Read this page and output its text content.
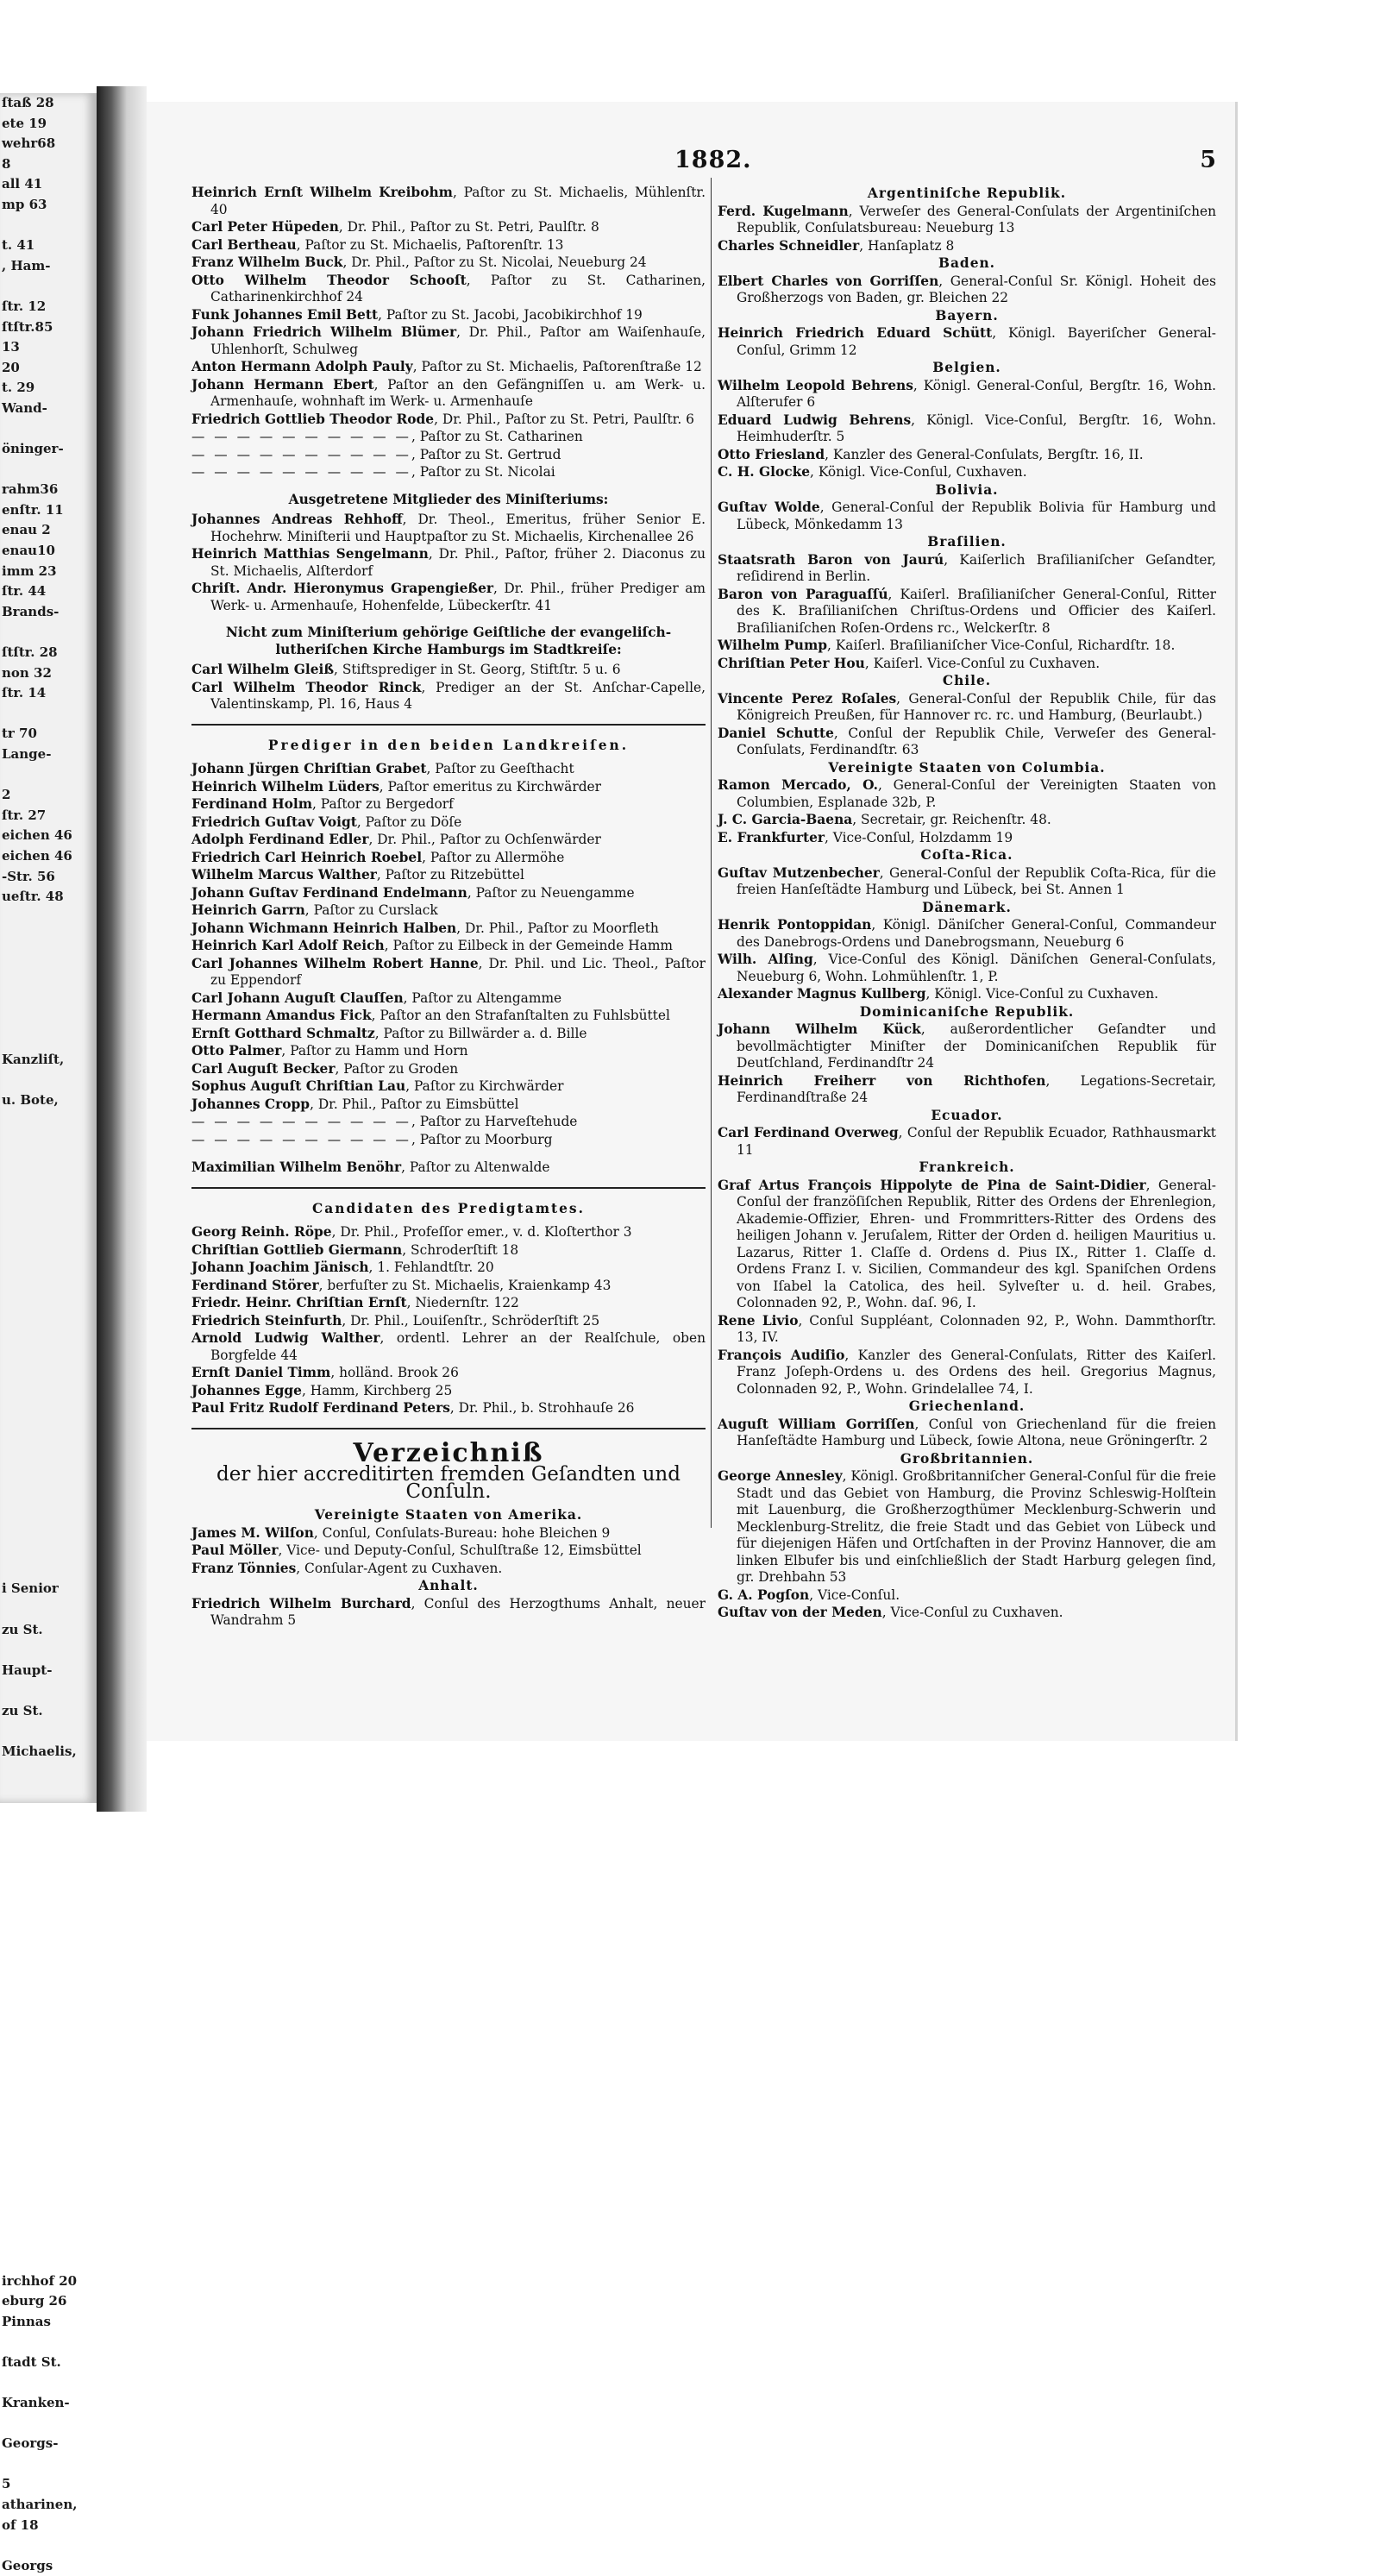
ſtaß 28
ete 19
wehr68
8
all 41
mp 63

t. 41
, Ham-

ſtr. 12
ſtſtr.85
13
20
t. 29
Wand-

öninger-

rahm36
enſtr. 11
enau 2
enau10
imm 23
ſtr. 44
Brands-

ſtſtr. 28
non 32
ſtr. 14

tr 70
Lange-

2
ſtr. 27
eichen 46
eichen 46
-Str. 56
ueſtr. 48

Kanzliſt,

u. Bote,

i Senior

zu St.

Haupt-

zu St.

Michaelis,

irchhof 20
eburg 26
Pinnas

ſtadt St.

Kranken-

Georgs-

5
atharinen,
of 18

Georgs
1882.	5
Heinrich Ernſt Wilhelm Kreibohm, Paſtor zu St. Michaelis, Mühlenſtr. 40
Carl Peter Hüpeden, Dr. Phil., Paſtor zu St. Petri, Paulſtr. 8
Carl Bertheau, Paſtor zu St. Michaelis, Paſtorenſtr. 13
Franz Wilhelm Buck, Dr. Phil., Paſtor zu St. Nicolai, Neueburg 24
Otto Wilhelm Theodor Schooſt, Paſtor zu St. Catharinen, Catharinenkirchhof 24
Funk Johannes Emil Bett, Paſtor zu St. Jacobi, Jacobikirchhof 19
Johann Friedrich Wilhelm Blümer, Dr. Phil., Paſtor am Waiſenhauſe, Uhlenhorſt, Schulweg
Anton Hermann Adolph Pauly, Paſtor zu St. Michaelis, Paſtorenſtraße 12
Johann Hermann Ebert, Paſtor an den Gefängniſſen u. am Werk- u. Armenhauſe, wohnhaft im Werk- u. Armenhauſe
Friedrich Gottlieb Theodor Rode, Dr. Phil., Paſtor zu St. Petri, Paulſtr. 6
— — — — — — — — — —, Paſtor zu St. Catharinen
— — — — — — — — — —, Paſtor zu St. Gertrud
— — — — — — — — — —, Paſtor zu St. Nicolai
Ausgetretene Mitglieder des Miniſteriums:
Johannes Andreas Rehhoff, Dr. Theol., Emeritus, früher Senior E. Hochehrw. Miniſterii und Hauptpaſtor zu St. Michaelis, Kirchenallee 26
Heinrich Matthias Sengelmann, Dr. Phil., Paſtor, früher 2. Diaconus zu St. Michaelis, Alſterdorf
Chriſt. Andr. Hieronymus Grapengießer, Dr. Phil., früher Prediger am Werk- u. Armenhauſe, Hohenfelde, Lübeckerſtr. 41
Nicht zum Miniſterium gehörige Geiſtliche der evangeliſch-lutheriſchen Kirche Hamburgs im Stadtkreiſe:
Carl Wilhelm Gleiß, Stiftsprediger in St. Georg, Stiftſtr. 5 u. 6
Carl Wilhelm Theodor Rinck, Prediger an der St. Anſchar-Capelle, Valentinskamp, Pl. 16, Haus 4
Prediger in den beiden Landkreiſen.
Johann Jürgen Chriſtian Grabet, Paſtor zu Geeſthacht
Heinrich Wilhelm Lüders, Paſtor emeritus zu Kirchwärder
Ferdinand Holm, Paſtor zu Bergedorf
Friedrich Guſtav Voigt, Paſtor zu Döſe
Adolph Ferdinand Edler, Dr. Phil., Paſtor zu Ochſenwärder
Friedrich Carl Heinrich Roebel, Paſtor zu Allermöhe
Wilhelm Marcus Walther, Paſtor zu Ritzebüttel
Johann Guſtav Ferdinand Endelmann, Paſtor zu Neuengamme
Heinrich Garrn, Paſtor zu Curslack
Johann Wichmann Heinrich Halben, Dr. Phil., Paſtor zu Moorfleth
Heinrich Karl Adolf Reich, Paſtor zu Eilbeck in der Gemeinde Hamm
Carl Johannes Wilhelm Robert Hanne, Dr. Phil. und Lic. Theol., Paſtor zu Eppendorf
Carl Johann Auguſt Clauſſen, Paſtor zu Altengamme
Hermann Amandus Fick, Paſtor an den Strafanſtalten zu Fuhlsbüttel
Ernſt Gotthard Schmaltz, Paſtor zu Billwärder a. d. Bille
Otto Palmer, Paſtor zu Hamm und Horn
Carl Auguſt Becker, Paſtor zu Groden
Sophus Auguſt Chriſtian Lau, Paſtor zu Kirchwärder
Johannes Cropp, Dr. Phil., Paſtor zu Eimsbüttel
— — — — — — — — — —, Paſtor zu Harveſtehude
— — — — — — — — — —, Paſtor zu Moorburg
Maximilian Wilhelm Benöhr, Paſtor zu Altenwalde
Candidaten des Predigtamtes.
Georg Reinh. Röpe, Dr. Phil., Profeſſor emer., v. d. Kloſterthor 3
Chriſtian Gottlieb Giermann, Schroderſtift 18
Johann Joachim Jänisch, 1. Fehlandtſtr. 20
Ferdinand Störer, berfuſter zu St. Michaelis, Kraienkamp 43
Friedr. Heinr. Chriſtian Ernſt, Niedernſtr. 122
Friedrich Steinfurth, Dr. Phil., Louiſenſtr., Schröderſtift 25
Arnold Ludwig Walther, ordentl. Lehrer an der Realſchule, oben Borgfelde 44
Ernſt Daniel Timm, holländ. Brook 26
Johannes Egge, Hamm, Kirchberg 25
Paul Fritz Rudolf Ferdinand Peters, Dr. Phil., b. Strohhauſe 26
Verzeichniß
der hier accreditirten fremden Geſandten und Conſuln.
Vereinigte Staaten von Amerika.
James M. Wilſon, Conſul, Conſulats-Bureau: hohe Bleichen 9
Paul Möller, Vice- und Deputy-Conſul, Schulſtraße 12, Eimsbüttel
Franz Tönnies, Conſular-Agent zu Cuxhaven.
Anhalt.
Friedrich Wilhelm Burchard, Conſul des Herzogthums Anhalt, neuer Wandrahm 5
Argentiniſche Republik.
Ferd. Kugelmann, Verweſer des General-Conſulats der Argentiniſchen Republik, Conſulatsbureau: Neueburg 13
Charles Schneidler, Hanſaplatz 8
Baden.
Elbert Charles von Gorriſſen, General-Conſul Sr. Königl. Hoheit des Großherzogs von Baden, gr. Bleichen 22
Bayern.
Heinrich Friedrich Eduard Schütt, Königl. Bayeriſcher General-Conſul, Grimm 12
Belgien.
Wilhelm Leopold Behrens, Königl. General-Conſul, Bergſtr. 16, Wohn. Alſterufer 6
Eduard Ludwig Behrens, Königl. Vice-Conſul, Bergſtr. 16, Wohn. Heimhuderſtr. 5
Otto Friesland, Kanzler des General-Conſulats, Bergſtr. 16, II.
C. H. Glocke, Königl. Vice-Conſul, Cuxhaven.
Bolivia.
Guſtav Wolde, General-Conſul der Republik Bolivia für Hamburg und Lübeck, Mönkedamm 13
Braſilien.
Staatsrath Baron von Jaurú, Kaiſerlich Braſilianiſcher Geſandter, reſidirend in Berlin.
Baron von Paraguaſſú, Kaiſerl. Braſilianiſcher General-Conſul, Ritter des K. Braſilianiſchen Chriſtus-Ordens und Officier des Kaiſerl. Braſilianiſchen Roſen-Ordens rc., Welckerſtr. 8
Wilhelm Pump, Kaiſerl. Braſilianiſcher Vice-Conſul, Richardſtr. 18.
Chriſtian Peter Hou, Kaiſerl. Vice-Conſul zu Cuxhaven.
Chile.
Vincente Perez Roſales, General-Conſul der Republik Chile, für das Königreich Preußen, für Hannover rc. rc. und Hamburg, (Beurlaubt.)
Daniel Schutte, Conſul der Republik Chile, Verweſer des General-Conſulats, Ferdinandſtr. 63
Vereinigte Staaten von Columbia.
Ramon Mercado, O., General-Conſul der Vereinigten Staaten von Columbien, Esplanade 32b, P.
J. C. Garcia-Baena, Secretair, gr. Reichenſtr. 48.
E. Frankfurter, Vice-Conſul, Holzdamm 19
Coſta-Rica.
Guſtav Mutzenbecher, General-Conſul der Republik Coſta-Rica, für die freien Hanſeſtädte Hamburg und Lübeck, bei St. Annen 1
Dänemark.
Henrik Pontoppidan, Königl. Däniſcher General-Conſul, Commandeur des Danebrogs-Ordens und Danebrogsmann, Neueburg 6
Wilh. Alſing, Vice-Conſul des Königl. Däniſchen General-Conſulats, Neueburg 6, Wohn. Lohmühlenſtr. 1, P.
Alexander Magnus Kullberg, Königl. Vice-Conſul zu Cuxhaven.
Dominicaniſche Republik.
Johann Wilhelm Kück, außerordentlicher Geſandter und bevollmächtigter Miniſter der Dominicaniſchen Republik für Deutſchland, Ferdinandſtr 24
Heinrich Freiherr von Richthofen, Legations-Secretair, Ferdinandſtraße 24
Ecuador.
Carl Ferdinand Overweg, Conſul der Republik Ecuador, Rathhausmarkt 11
Frankreich.
Graf Artus François Hippolyte de Pina de Saint-Didier, General-Conſul der franzöſiſchen Republik, Ritter des Ordens der Ehrenlegion, Akademie-Offizier, Ehren- und Frommritters-Ritter des Ordens des heiligen Johann v. Jeruſalem, Ritter der Orden d. heiligen Mauritius u. Lazarus, Ritter 1. Claſſe d. Ordens d. Pius IX., Ritter 1. Claſſe d. Ordens Franz I. v. Sicilien, Commandeur des kgl. Spaniſchen Ordens von Iſabel la Catolica, des heil. Sylveſter u. d. heil. Grabes, Colonnaden 92, P., Wohn. daſ. 96, I.
Rene Livio, Conſul Suppléant, Colonnaden 92, P., Wohn. Dammthorſtr. 13, IV.
François Audiſio, Kanzler des General-Conſulats, Ritter des Kaiſerl. Franz Joſeph-Ordens u. des Ordens des heil. Gregorius Magnus, Colonnaden 92, P., Wohn. Grindelallee 74, I.
Griechenland.
Auguſt William Gorriſſen, Conſul von Griechenland für die freien Hanſeſtädte Hamburg und Lübeck, ſowie Altona, neue Gröningerſtr. 2
Großbritannien.
George Annesley, Königl. Großbritanniſcher General-Conſul für die freie Stadt und das Gebiet von Hamburg, die Provinz Schleswig-Holſtein mit Lauenburg, die Großherzogthümer Mecklenburg-Schwerin und Mecklenburg-Strelitz, die freie Stadt und das Gebiet von Lübeck und für diejenigen Häfen und Ortſchaften in der Provinz Hannover, die am linken Elbufer bis und einſchließlich der Stadt Harburg gelegen ſind, gr. Drehbahn 53
G. A. Pogſon, Vice-Conſul.
Guſtav von der Meden, Vice-Conſul zu Cuxhaven.
